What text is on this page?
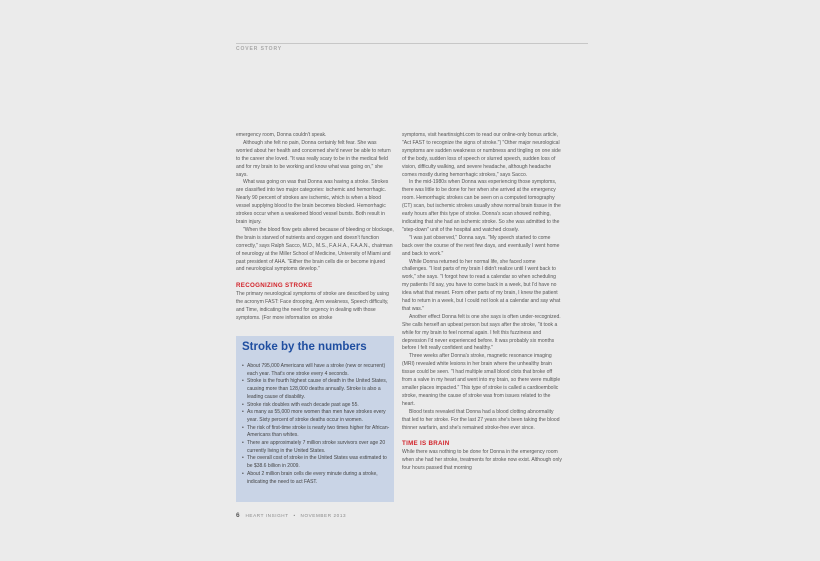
COVER STORY

emergency room, Donna couldn't speak.

Although she felt no pain, Donna certainly felt fear. She was worried about her health and concerned she'd never be able to return to the career she loved. "It was really scary to be in the medical field and for my brain to be working and know what was going on," she says.

What was going on was that Donna was having a stroke. Strokes are classified into two major categories: ischemic and hemorrhagic. Nearly 90 percent of strokes are ischemic, which is when a blood vessel supplying blood to the brain becomes blocked. Hemorrhagic strokes occur when a weakened blood vessel bursts. Both result in brain injury.

"When the blood flow gets altered because of bleeding or blockage, the brain is starved of nutrients and oxygen and doesn't function correctly," says Ralph Sacco, M.D., M.S., F.A.H.A., F.A.A.N., chairman of neurology at the Miller School of Medicine, University of Miami and past president of AHA. "Either the brain cells die or become injured and neurological symptoms develop."

RECOGNIZING STROKE

The primary neurological symptoms of stroke are described by using the acronym FAST: Face drooping, Arm weakness, Speech difficulty, and Time, indicating the need for urgency in dealing with those symptoms. (For more information on stroke

Stroke by the numbers
• About 795,000 Americans will have a stroke (new or recurrent) each year. That's one stroke every 4 seconds.
• Stroke is the fourth highest cause of death in the United States, causing more than 128,000 deaths annually. Stroke is also a leading cause of disability.
• Stroke risk doubles with each decade past age 55.
• As many as 55,000 more women than men have strokes every year. Sixty percent of stroke deaths occur in women.
• The risk of first-time stroke is nearly two times higher for African-Americans than whites.
• There are approximately 7 million stroke survivors over age 20 currently living in the United States.
• The overall cost of stroke in the United States was estimated to be $38.6 billion in 2009.
• About 2 million brain cells die every minute during a stroke, indicating the need to act FAST.

symptoms, visit heartinsight.com to read our online-only bonus article, "Act FAST to recognize the signs of stroke.") "Other major neurological symptoms are sudden weakness or numbness and tingling on one side of the body, sudden loss of speech or slurred speech, sudden loss of vision, difficulty walking, and severe headache, although headache comes mostly during hemorrhagic strokes," says Sacco.

In the mid-1980s when Donna was experiencing those symptoms, there was little to be done for her when she arrived at the emergency room. Hemorrhagic strokes can be seen on a computed tomography (CT) scan, but ischemic strokes usually show normal brain tissue in the early hours after this type of stroke. Donna's scan showed nothing, indicating that she had an ischemic stroke. So she was admitted to the "step-down" unit of the hospital and watched closely.

"I was just observed," Donna says. "My speech started to come back over the course of the next few days, and eventually I went home and back to work."

While Donna returned to her normal life, she faced some challenges. "I lost parts of my brain I didn't realize until I went back to work," she says. "I forgot how to read a calendar so when scheduling my patients I'd say, you have to come back in a week, but I'd have no idea what that meant. From other parts of my brain, I knew the patient had to return in a week, but I could not look at a calendar and say what that was."

Another effect Donna felt is one she says is often under-recognized. She calls herself an upbeat person but says after the stroke, "it took a while for my brain to feel normal again. I felt this fuzziness and depression I'd never experienced before. It was probably six months before I felt really confident and healthy."

Three weeks after Donna's stroke, magnetic resonance imaging (MRI) revealed white lesions in her brain where the unhealthy brain tissue could be seen. "I had multiple small blood clots that broke off from a valve in my heart and went into my brain, so there were multiple smaller places impacted." This type of stroke is called a cardioembolic stroke, meaning the cause of stroke was from issues related to the heart.

Blood tests revealed that Donna had a blood clotting abnormality that led to her stroke. For the last 27 years she's been taking the blood thinner warfarin, and she's remained stroke-free ever since.

TIME IS BRAIN

While there was nothing to be done for Donna in the emergency room when she had her stroke, treatments for stroke now exist. Although only four hours passed that morning

6 HEART INSIGHT • NOVEMBER 2013
